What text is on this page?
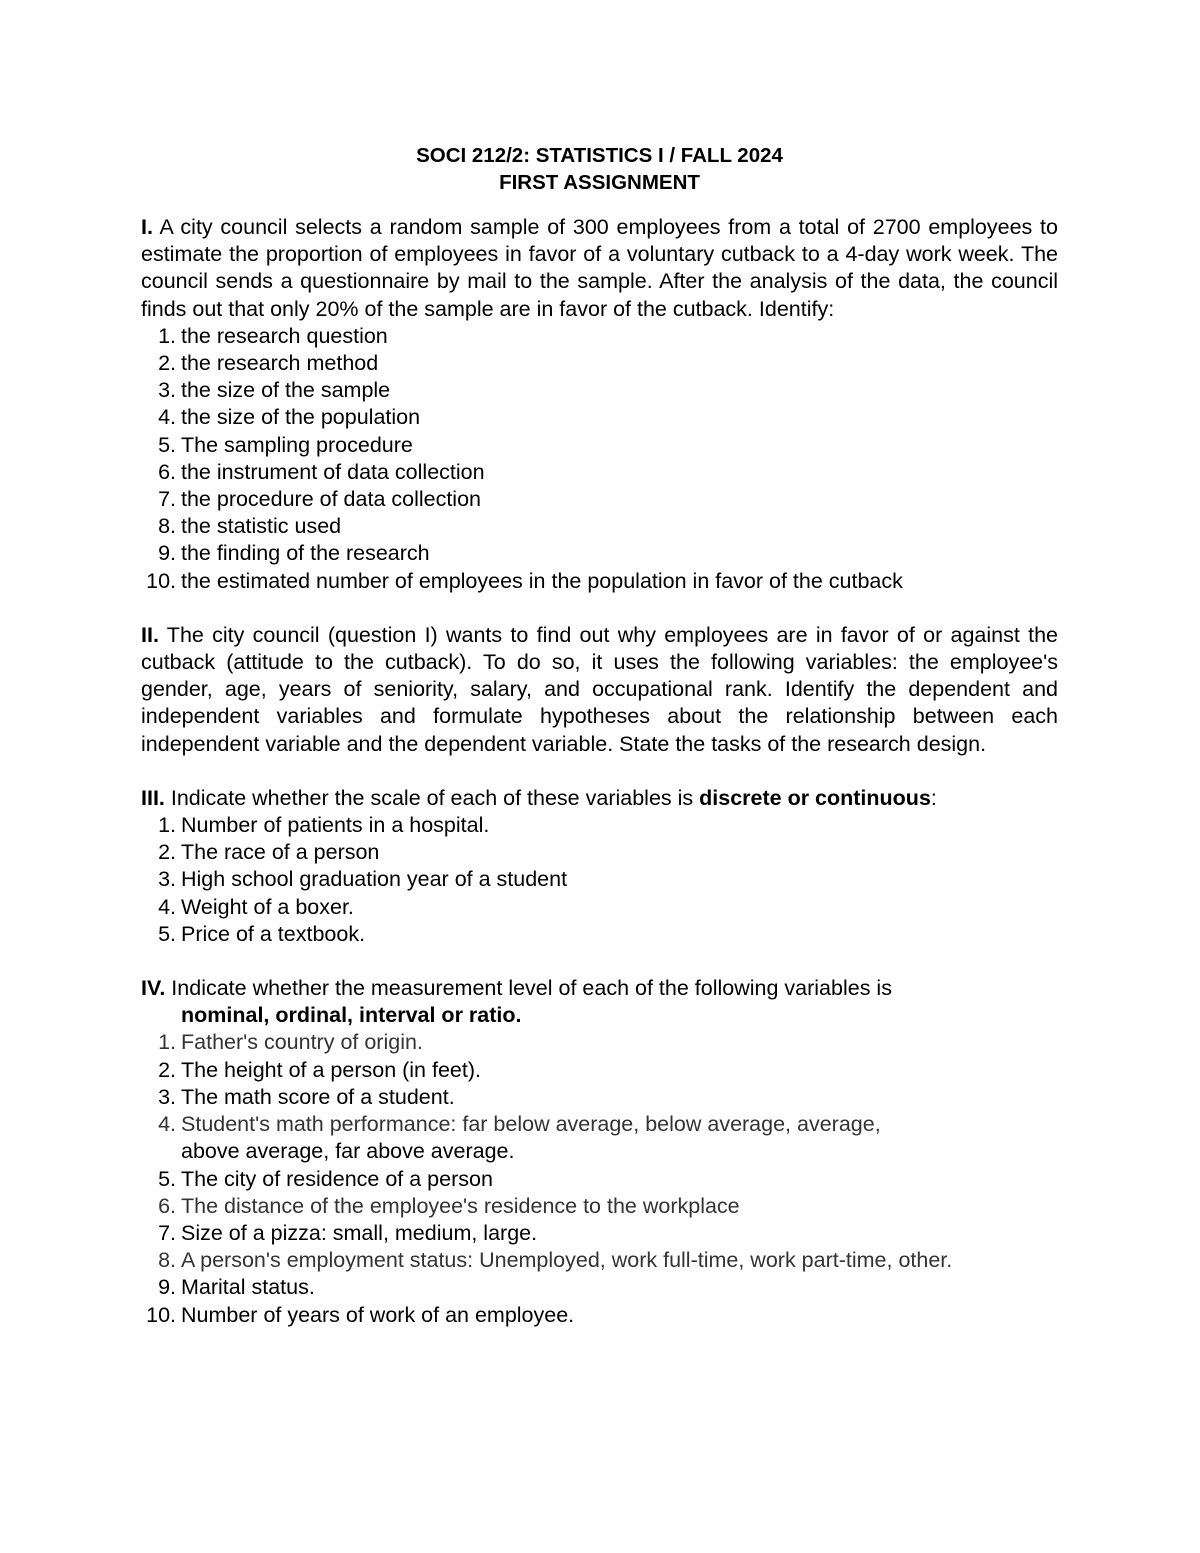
SOCI 212/2: STATISTICS I / FALL 2024
FIRST ASSIGNMENT
I. A city council selects a random sample of 300 employees from a total of 2700 employees to estimate the proportion of employees in favor of a voluntary cutback to a 4-day work week. The council sends a questionnaire by mail to the sample. After the analysis of the data, the council finds out that only 20% of the sample are in favor of the cutback. Identify:
1. the research question
2. the research method
3. the size of the sample
4. the size of the population
5. The sampling procedure
6. the instrument of data collection
7. the procedure of data collection
8. the statistic used
9. the finding of the research
10. the estimated number of employees in the population in favor of the cutback
II. The city council (question I) wants to find out why employees are in favor of or against the cutback (attitude to the cutback). To do so, it uses the following variables: the employee's gender, age, years of seniority, salary, and occupational rank. Identify the dependent and independent variables and formulate hypotheses about the relationship between each independent variable and the dependent variable. State the tasks of the research design.
III. Indicate whether the scale of each of these variables is discrete or continuous:
1. Number of patients in a hospital.
2. The race of a person
3. High school graduation year of a student
4. Weight of a boxer.
5. Price of a textbook.
IV. Indicate whether the measurement level of each of the following variables is
nominal, ordinal, interval or ratio.
1. Father's country of origin.
2. The height of a person (in feet).
3. The math score of a student.
4. Student's math performance: far below average, below average, average,
above average, far above average.
5. The city of residence of a person
6. The distance of the employee's residence to the workplace
7. Size of a pizza: small, medium, large.
8. A person's employment status: Unemployed, work full-time, work part-time, other.
9. Marital status.
10. Number of years of work of an employee.
